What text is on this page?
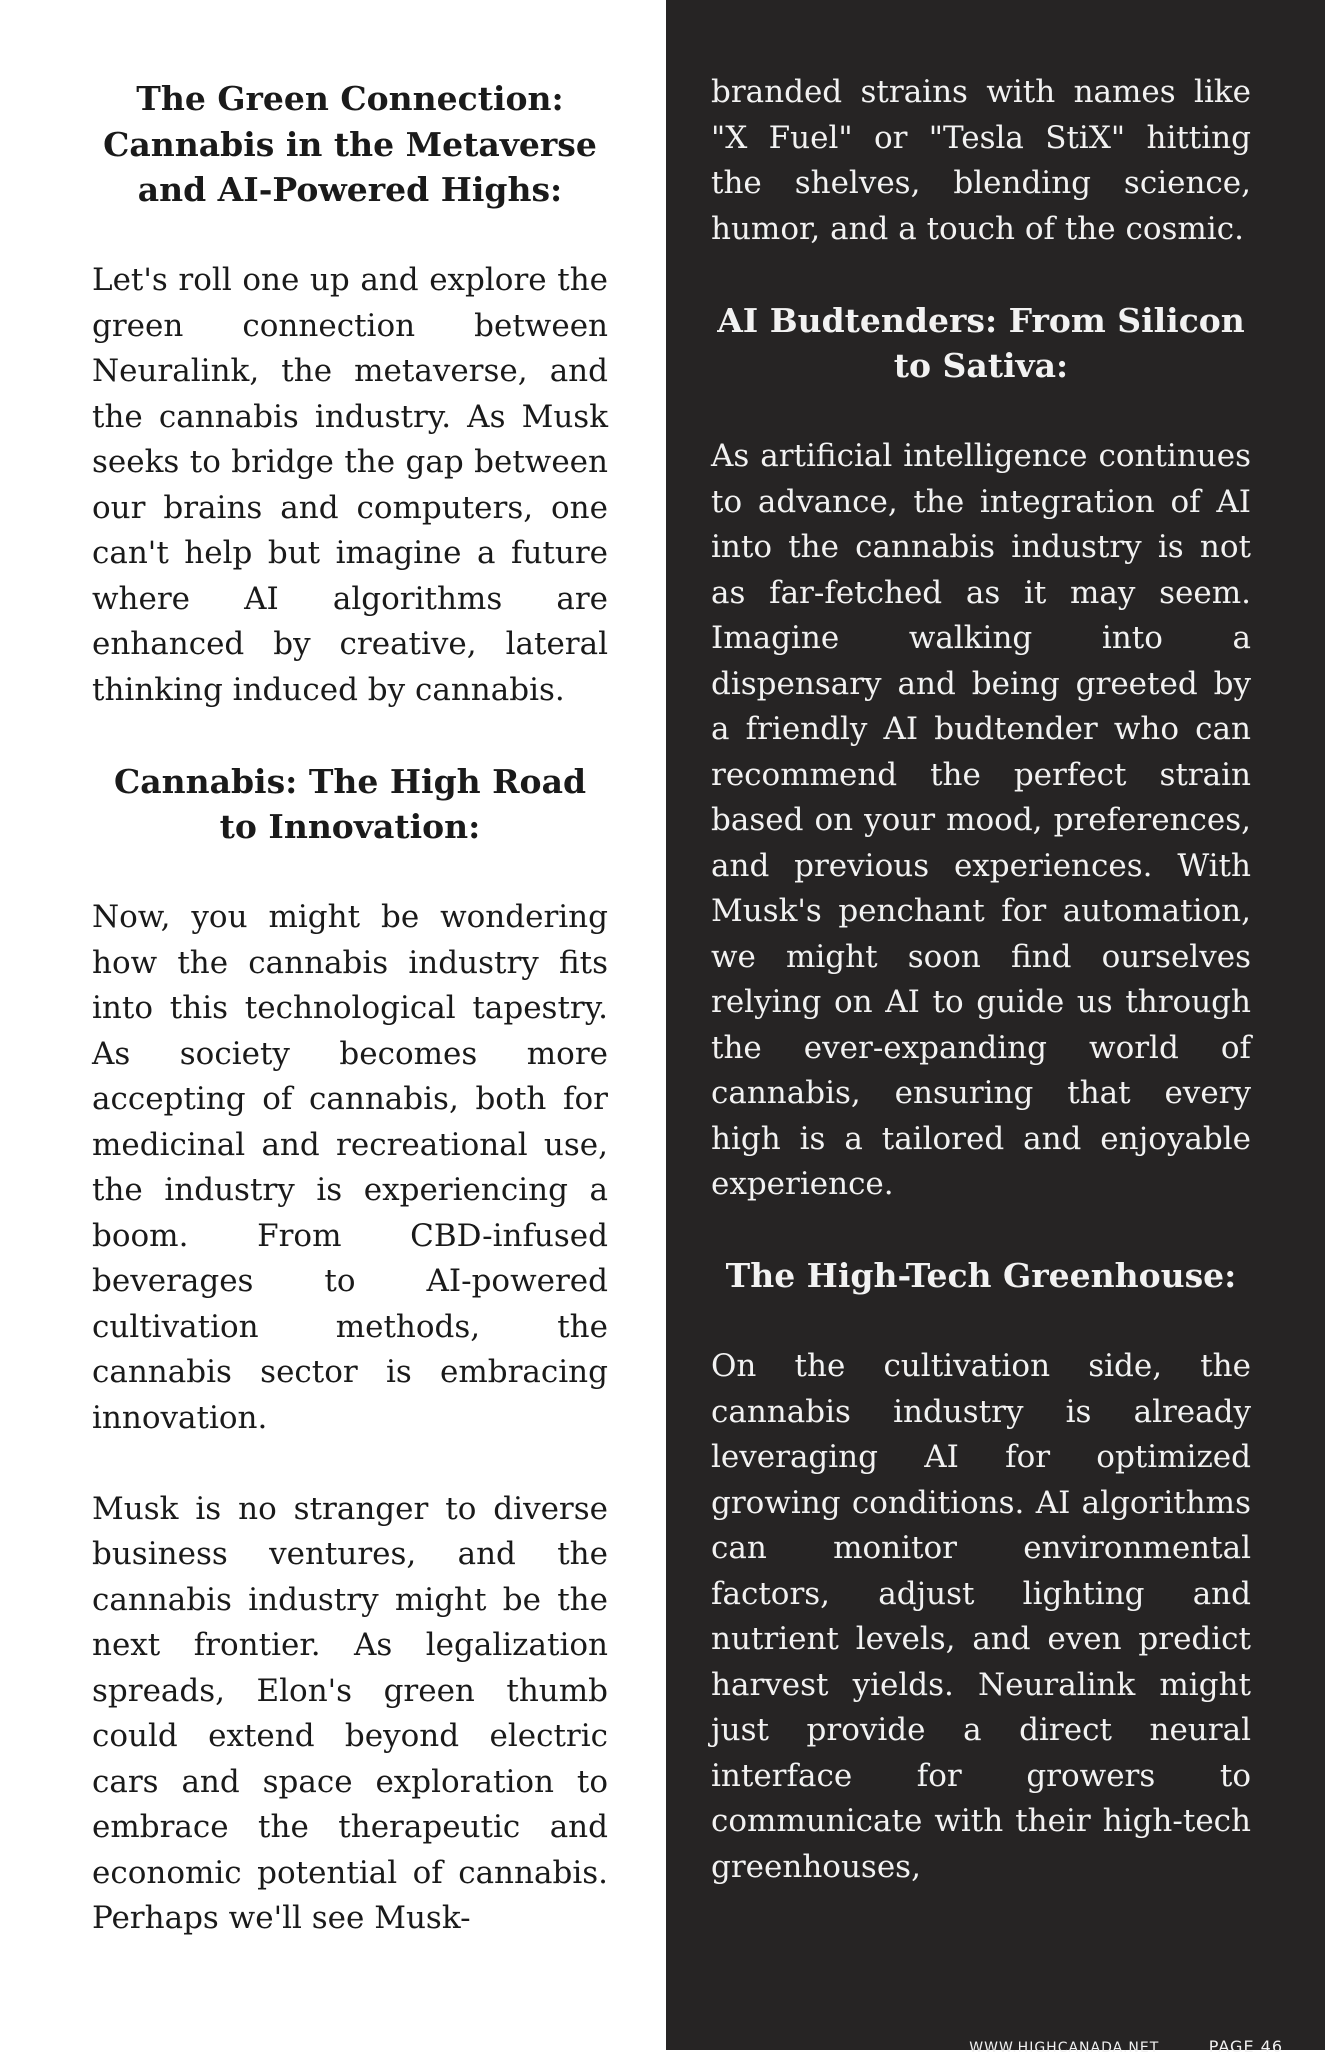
The Green Connection: Cannabis in the Metaverse and AI-Powered Highs:

Let's roll one up and explore the green connection between Neuralink, the metaverse, and the cannabis industry. As Musk seeks to bridge the gap between our brains and computers, one can't help but imagine a future where AI algorithms are enhanced by creative, lateral thinking induced by cannabis.

Cannabis: The High Road to Innovation:

Now, you might be wondering how the cannabis industry fits into this technological tapestry. As society becomes more accepting of cannabis, both for medicinal and recreational use, the industry is experiencing a boom. From CBD-infused beverages to AI-powered cultivation methods, the cannabis sector is embracing innovation.

Musk is no stranger to diverse business ventures, and the cannabis industry might be the next frontier. As legalization spreads, Elon's green thumb could extend beyond electric cars and space exploration to embrace the therapeutic and economic potential of cannabis. Perhaps we'll see Musk-

branded strains with names like "X Fuel" or "Tesla StiX" hitting the shelves, blending science, humor, and a touch of the cosmic.

AI Budtenders: From Silicon to Sativa:

As artificial intelligence continues to advance, the integration of AI into the cannabis industry is not as far-fetched as it may seem. Imagine walking into a dispensary and being greeted by a friendly AI budtender who can recommend the perfect strain based on your mood, preferences, and previous experiences. With Musk's penchant for automation, we might soon find ourselves relying on AI to guide us through the ever-expanding world of cannabis, ensuring that every high is a tailored and enjoyable experience.

The High-Tech Greenhouse:

On the cultivation side, the cannabis industry is already leveraging AI for optimized growing conditions. AI algorithms can monitor environmental factors, adjust lighting and nutrient levels, and even predict harvest yields. Neuralink might just provide a direct neural interface for growers to communicate with their high-tech greenhouses,

WWW.HIGHCANADA.NET	PAGE 46
